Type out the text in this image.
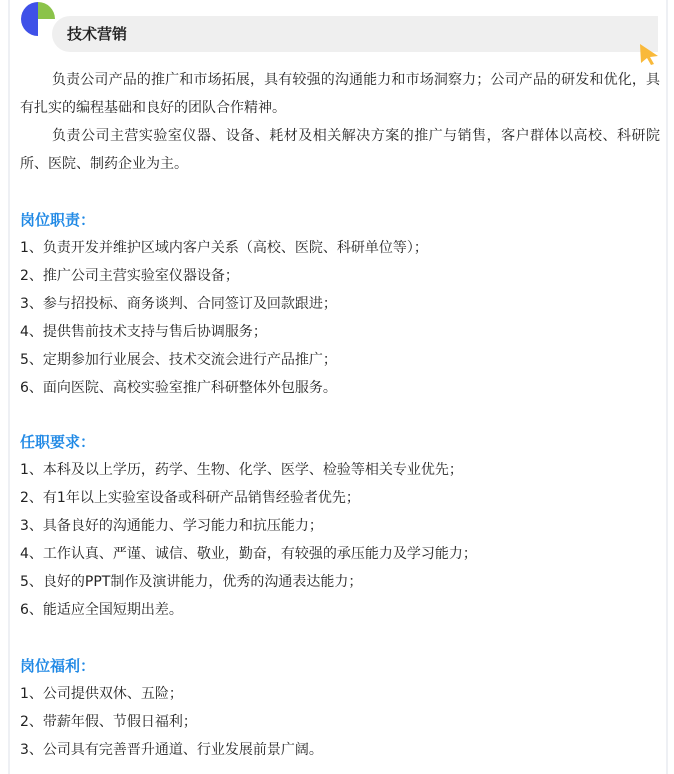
技术营销

负责公司产品的推广和市场拓展，具有较强的沟通能力和市场洞察力；公司产品的研发和优化，具有扎实的编程基础和良好的团队合作精神。

负责公司主营实验室仪器、设备、耗材及相关解决方案的推广与销售，客户群体以高校、科研院所、医院、制药企业为主。

岗位职责：
1、负责开发并维护区域内客户关系（高校、医院、科研单位等）；
2、推广公司主营实验室仪器设备；
3、参与招投标、商务谈判、合同签订及回款跟进；
4、提供售前技术支持与售后协调服务；
5、定期参加行业展会、技术交流会进行产品推广；
6、面向医院、高校实验室推广科研整体外包服务。
任职要求：
1、本科及以上学历，药学、生物、化学、医学、检验等相关专业优先；
2、有1年以上实验室设备或科研产品销售经验者优先；
3、具备良好的沟通能力、学习能力和抗压能力；
4、工作认真、严谨、诚信、敬业，勤奋，有较强的承压能力及学习能力；
5、良好的PPT制作及演讲能力，优秀的沟通表达能力；
6、能适应全国短期出差。
岗位福利：
1、公司提供双休、五险；
2、带薪年假、节假日福利；
3、公司具有完善晋升通道、行业发展前景广阔。
